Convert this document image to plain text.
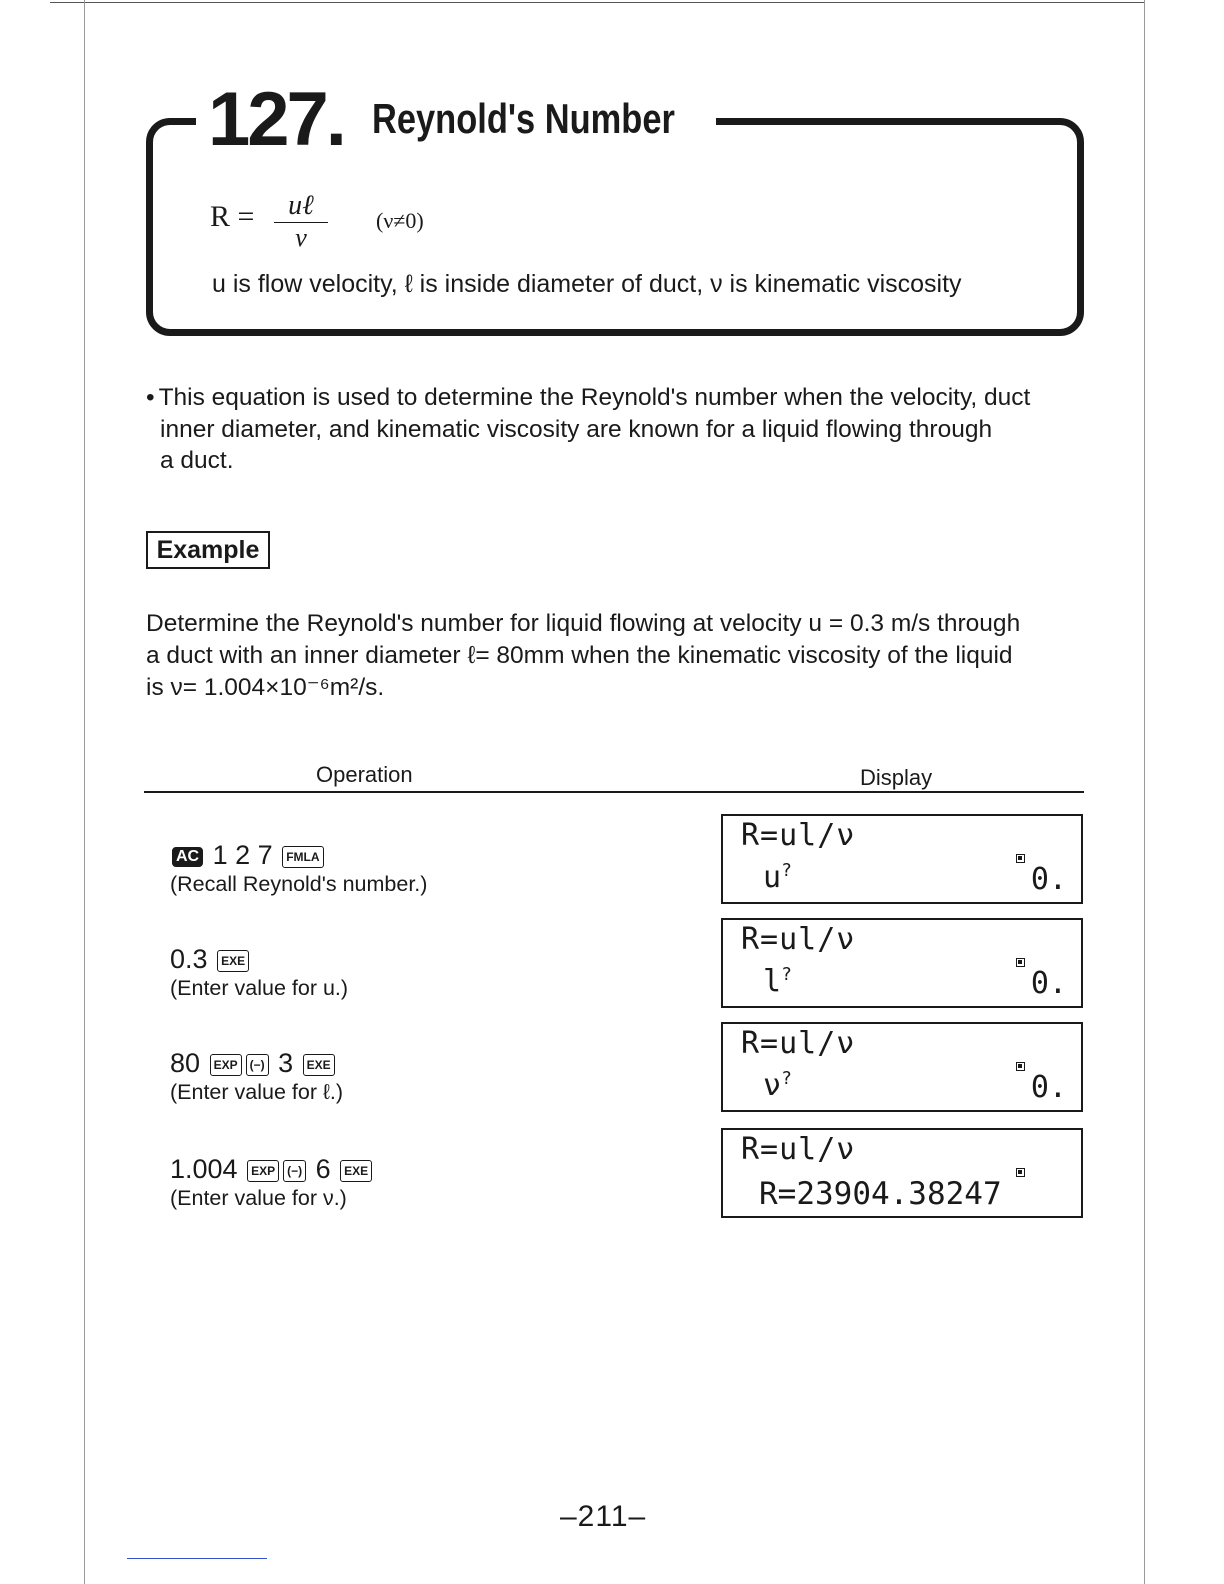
127. Reynold's Number
R =	uℓ
ν
(ν≠0)
u is flow velocity, ℓ is inside diameter of duct, ν is kinematic viscosity
• This equation is used to determine the Reynold's number when the velocity, duct
inner diameter, and kinematic viscosity are known for a liquid flowing through
a duct.
Example
Determine the Reynold's number for liquid flowing at velocity u = 0.3 m/s through
a duct with an inner diameter ℓ= 80mm when the kinematic viscosity of the liquid
is ν= 1.004×10⁻⁶m²/s.
Operation	Display
AC 1 2 7 FMLA
(Recall Reynold's number.)
R=ul/ν
u?	0.
0.3 EXE
(Enter value for u.)
R=ul/ν
l?	0.
80 EXP (−) 3 EXE
(Enter value for ℓ.)
R=ul/ν
ν?	0.
1.004 EXP (−) 6 EXE
(Enter value for ν.)
R=ul/ν
R=23904.38247
–211–
